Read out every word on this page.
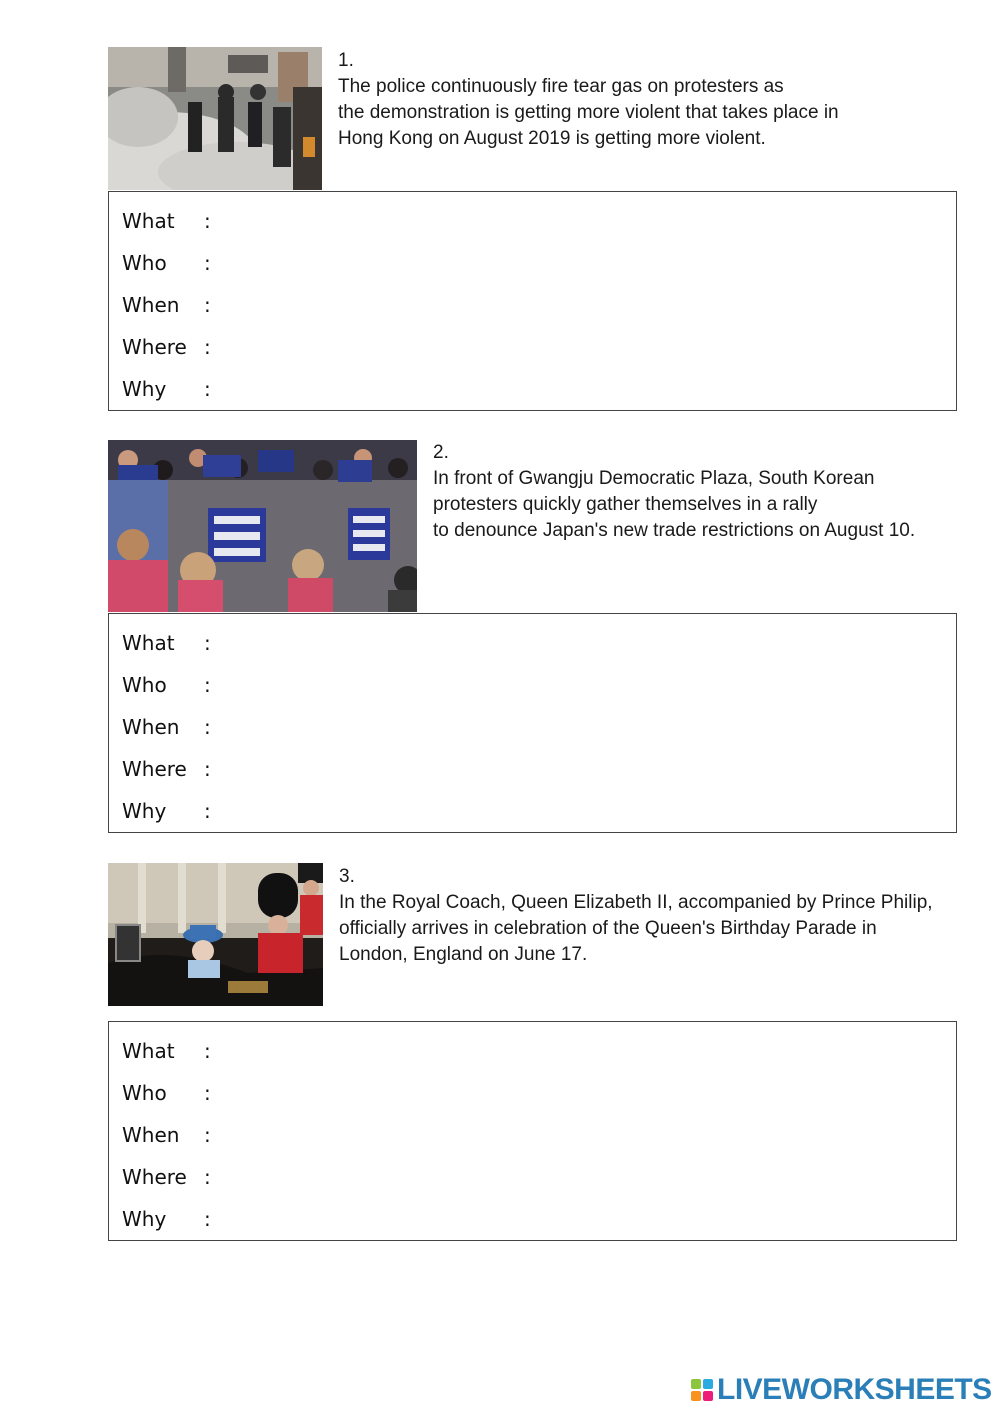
1.
The police continuously fire tear gas on protesters as
the demonstration is getting more violent that takes place in
Hong Kong on August 2019 is getting more violent.
What	:
Who	:
When	:
Where :
Why	:
2.
In front of Gwangju Democratic Plaza, South Korean
protesters quickly gather themselves in a rally
to denounce Japan's new trade restrictions on August 10.
What	:
Who	:
When	:
Where :
Why	:
3.
In the Royal Coach, Queen Elizabeth II, accompanied by Prince Philip,
officially arrives in celebration of the Queen's Birthday Parade in
London, England on June 17.
What	:
Who	:
When	:
Where :
Why	:
LIVEWORKSHEETS
